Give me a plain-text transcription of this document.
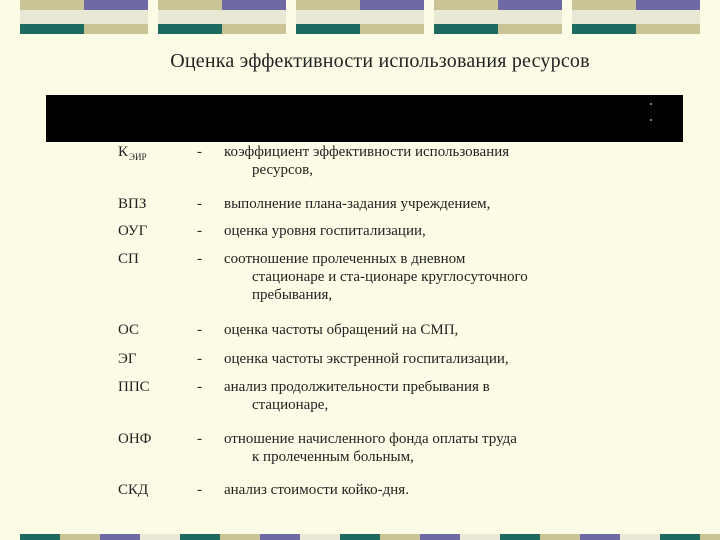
Оценка эффективности использования ресурсов
$К_{ЭИР}$	- коэффициент эффективности использования
ресурсов,
ВПЗ	- выполнение плана-задания учреждением,
ОУГ	- оценка уровня госпитализации,
СП	- соотношение пролеченных в дневном
стационаре и ста-ционаре круглосуточного
пребывания,
ОС	- оценка частоты обращений на СМП,
ЭГ	- оценка частоты экстренной госпитализации,
ППС	- анализ продолжительности пребывания в
стационаре,
ОНФ	- отношение начисленного фонда оплаты труда
к пролеченным больным,
СКД	- анализ стоимости койко-дня.
